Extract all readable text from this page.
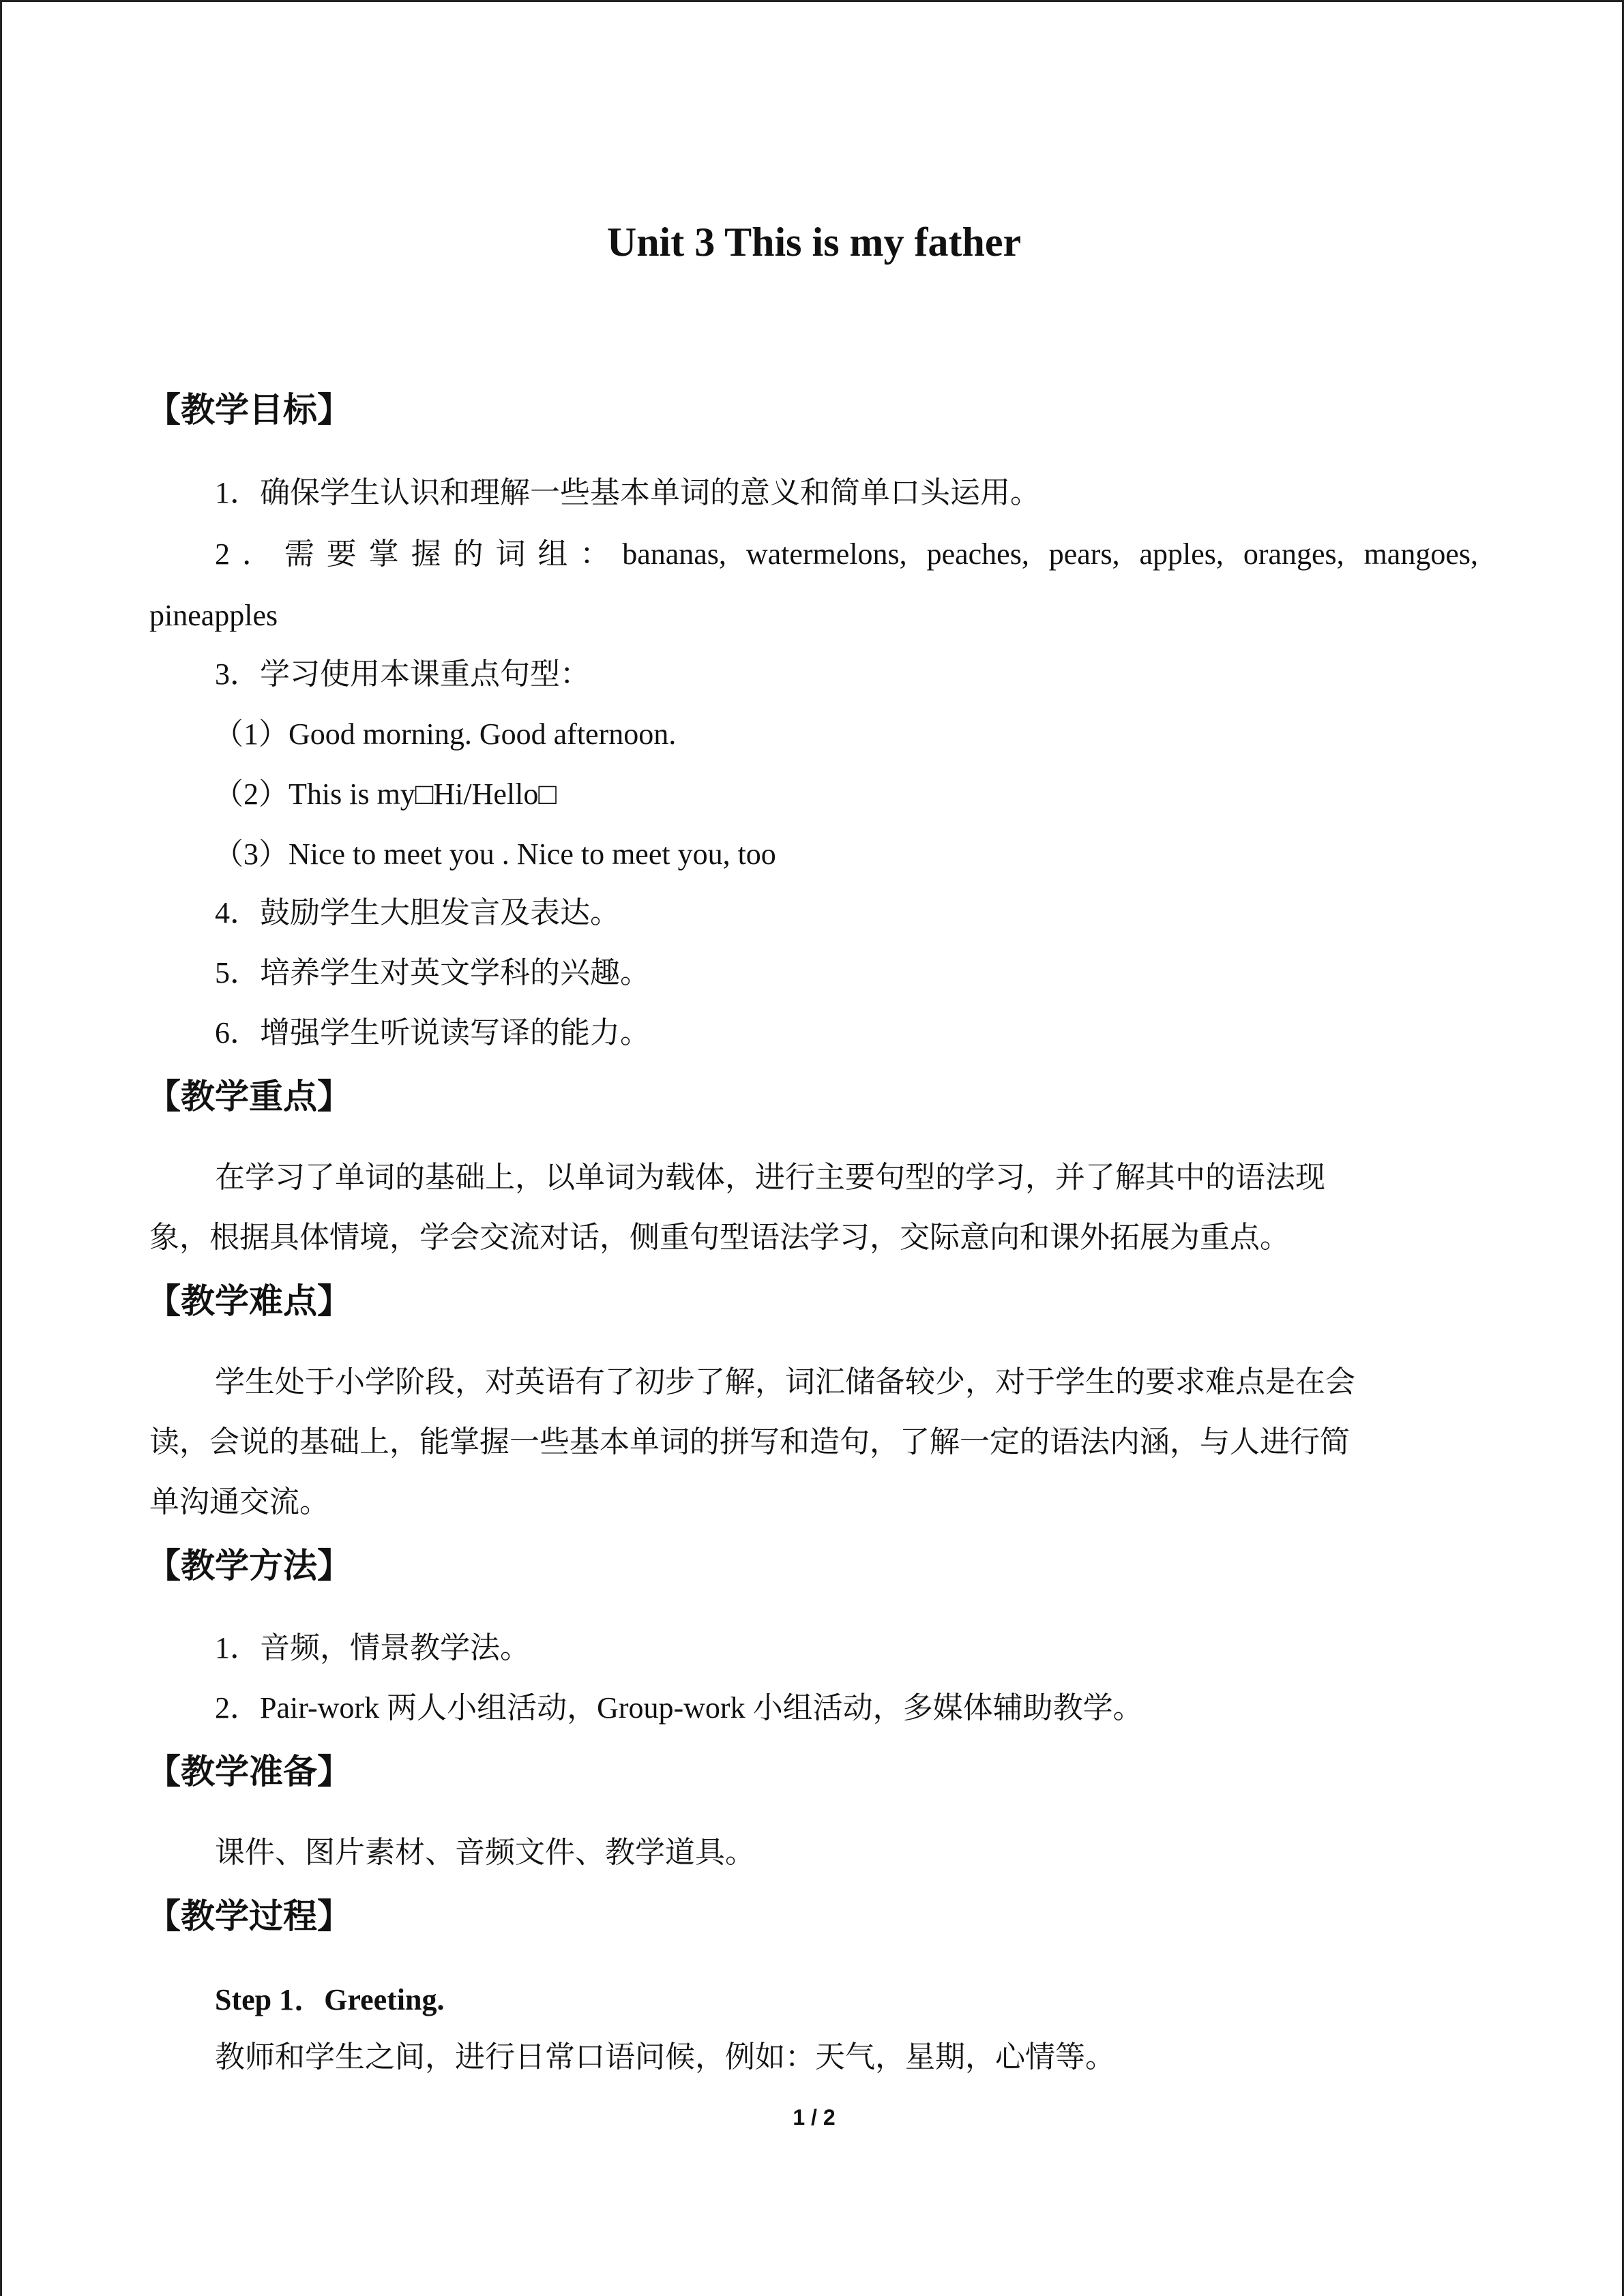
Unit 3 This is my father
【教学目标】
1．确保学生认识和理解一些基本单词的意义和简单口头运用。
2．需要掌握的词组：bananas, watermelons, peaches, pears, apples, oranges, mangoes,
pineapples
3．学习使用本课重点句型：
（1）Good morning. Good afternoon.
（2）This is my□Hi/Hello□
（3）Nice to meet you . Nice to meet you, too
4．鼓励学生大胆发言及表达。
5．培养学生对英文学科的兴趣。
6．增强学生听说读写译的能力。
【教学重点】
在学习了单词的基础上，以单词为载体，进行主要句型的学习，并了解其中的语法现
象，根据具体情境，学会交流对话，侧重句型语法学习，交际意向和课外拓展为重点。
【教学难点】
学生处于小学阶段，对英语有了初步了解，词汇储备较少，对于学生的要求难点是在会
读，会说的基础上，能掌握一些基本单词的拼写和造句，了解一定的语法内涵，与人进行简
单沟通交流。
【教学方法】
1．音频，情景教学法。
2．Pair-work 两人小组活动，Group-work 小组活动，多媒体辅助教学。
【教学准备】
课件、图片素材、音频文件、教学道具。
【教学过程】
Step 1．Greeting.
教师和学生之间，进行日常口语问候，例如：天气，星期，心情等。
1 / 2
